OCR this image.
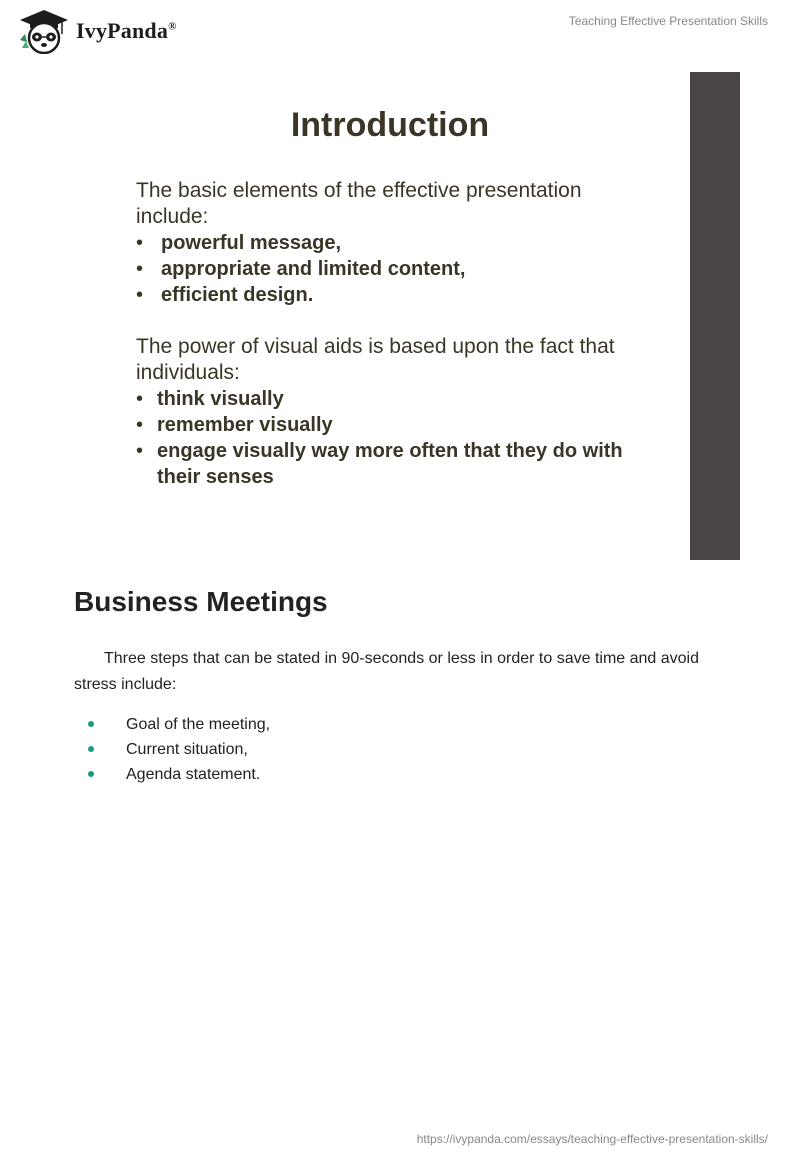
IvyPanda®	Teaching Effective Presentation Skills
Introduction

The basic elements of the effective presentation include:

• powerful message,
• appropriate and limited content,
• efficient design.

The power of visual aids is based upon the fact that individuals:

• think visually
• remember visually
• engage visually way more often that they do with their senses
Business Meetings

Three steps that can be stated in 90-seconds or less in order to save time and avoid stress include:

Goal of the meeting,
Current situation,
Agenda statement.
https://ivypanda.com/essays/teaching-effective-presentation-skills/
